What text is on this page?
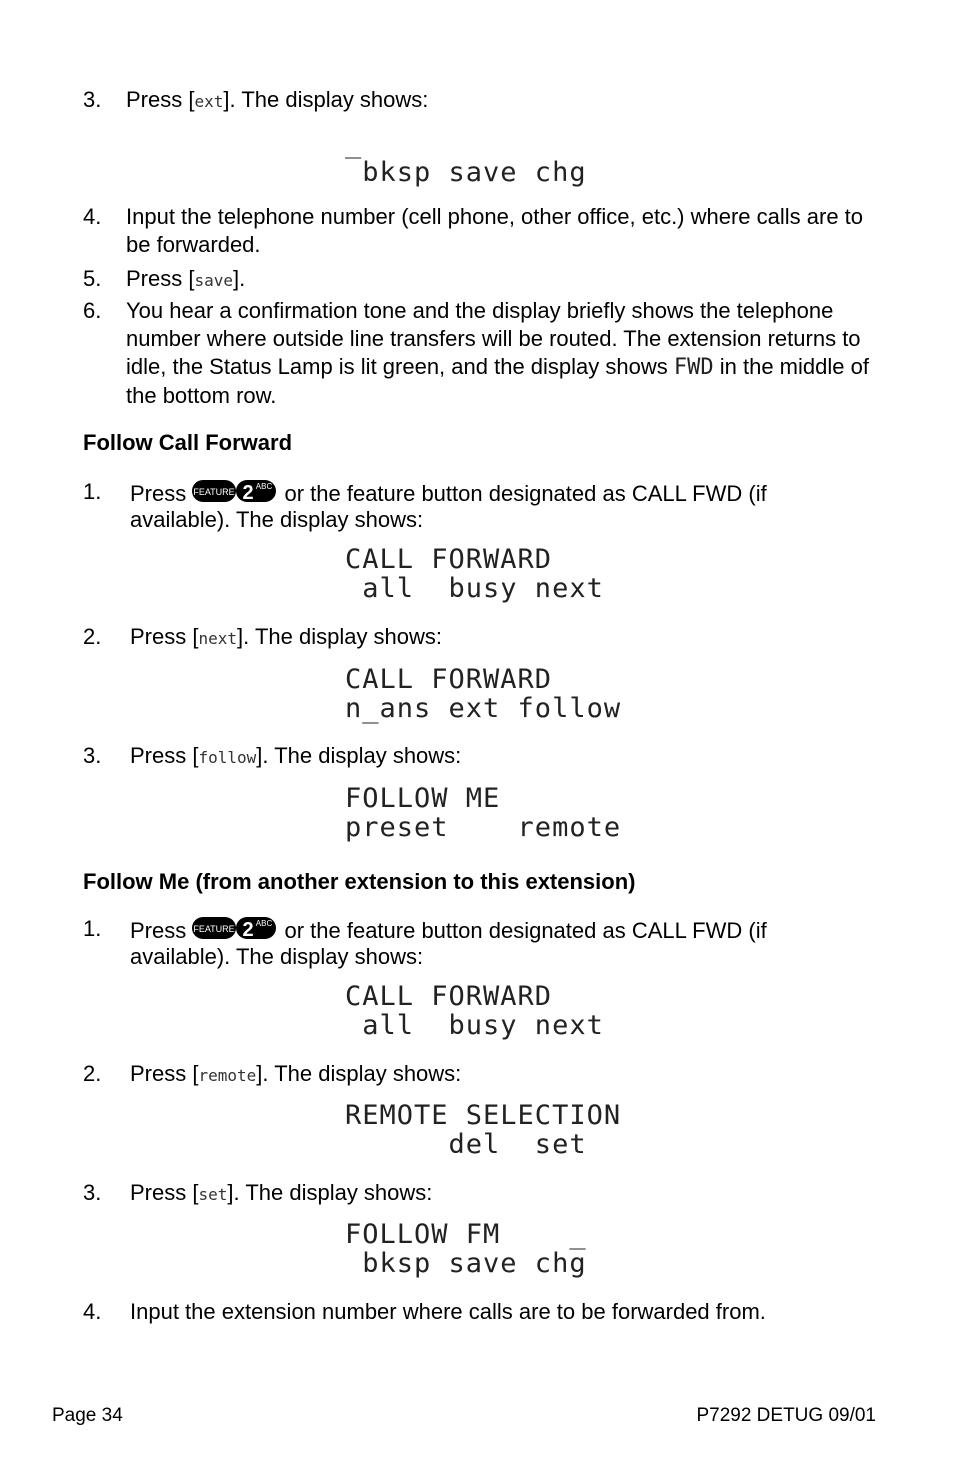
3. Press [ext]. The display shows:
_
bksp save chg
4. Input the telephone number (cell phone, other office, etc.) where calls are to be forwarded.
5. Press [save].
6. You hear a confirmation tone and the display briefly shows the telephone number where outside line transfers will be routed. The extension returns to idle, the Status Lamp is lit green, and the display shows FWD in the middle of the bottom row.
Follow Call Forward
1. Press FEATURE 2 ABC or the feature button designated as CALL FWD (if available). The display shows:
CALL FORWARD
all  busy next
2. Press [next]. The display shows:
CALL FORWARD
n_ans ext follow
3. Press [follow]. The display shows:
FOLLOW ME
preset    remote
Follow Me (from another extension to this extension)
1. Press FEATURE 2 ABC or the feature button designated as CALL FWD (if available). The display shows:
CALL FORWARD
all  busy next
2. Press [remote]. The display shows:
REMOTE SELECTION
del  set
3. Press [set]. The display shows:
FOLLOW FM    _
bksp save chg
4. Input the extension number where calls are to be forwarded from.
Page 34	P7292 DETUG 09/01
